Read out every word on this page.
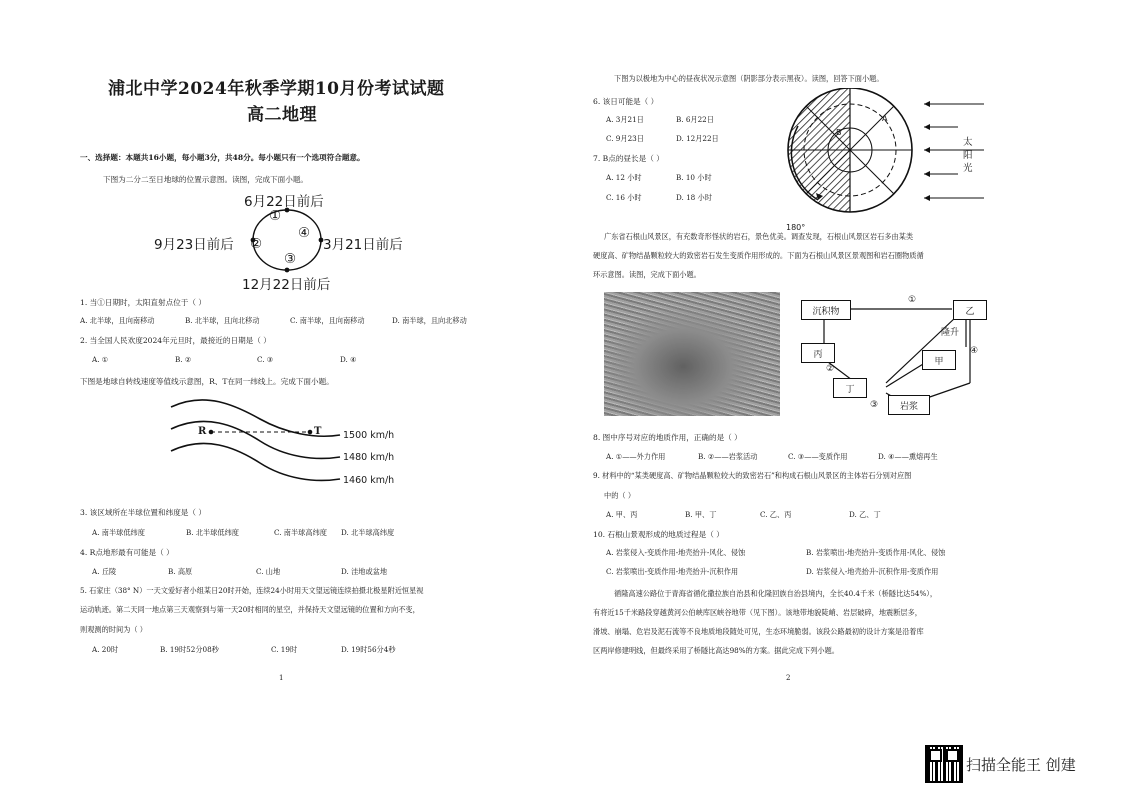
浦北中学2024年秋季学期10月份考试试题
高二地理
一、选择题：本题共16小题，每小题3分，共48分。每小题只有一个选项符合题意。
下图为二分二至日地球的位置示意图。读图，完成下面小题。
6月22日前后
9月23日前后	3月21日前后
12月22日前后
①
②
③
④
1. 当①日期时，太阳直射点位于（ ）
A. 北半球，且向南移动	B. 北半球，且向北移动	C. 南半球，且向南移动	D. 南半球，且向北移动
2. 当全国人民欢度2024年元旦时，最接近的日期是（ ）
A. ①	B. ②	C. ③	D. ④
下图是地球自转线速度等值线示意图，R、T在同一纬线上。完成下面小题。
R	T 1500 km/h
1480 km/h
1460 km/h
3. 该区域所在半球位置和纬度是（ ）
A. 南半球低纬度	B. 北半球低纬度	C. 南半球高纬度 D. 北半球高纬度
4. R点地形最有可能是（ ）
A. 丘陵	B. 高原	C. 山地	D. 洼地或盆地
5. 石家庄（38° N）一天文爱好者小组某日20时开始，连续24小时用天文望远镜连续拍摄北极星附近恒星视
运动轨迹。第二天同一地点第三天观察到与第一天20时相同的星空，并保持天文望远镜的位置和方向不变，
则观测的时间为（ ）
A. 20时	B. 19时52分08秒	C. 19时	D. 19时56分4秒
1
下图为以极地为中心的昼夜状况示意图（阴影部分表示黑夜）。读图，回答下面小题。
6. 该日可能是（ ）
A. 3月21日	B. 6月22日
C. 9月23日	D. 12月22日
7. B点的昼长是（ ）
A. 12 小时	B. 10 小时
C. 16 小时	D. 18 小时
A
B
180°
太
阳
光
广东省石根山风景区，有充数奇形怪状的岩石，景色优美。调查发现，石根山风景区岩石多由某类
硬度高、矿物结晶颗粒较大的致密岩石发生变质作用形成的。下面为石根山风景区景观图和岩石圈物质循
环示意图。读图，完成下面小题。
沉积物	乙
丙
甲
丁
岩浆
隆升
①
②
③
④
8. 图中序号对应的地质作用，正确的是（ ）
A. ①——外力作用	B. ②——岩浆活动	C. ③——变质作用	D. ④——熏熔再生
9. 材料中的“某类硬度高、矿物结晶颗粒较大的致密岩石”和构成石根山风景区的主体岩石分别对应图
中的（ ）
A. 甲、丙	B. 甲、丁	C. 乙、丙	D. 乙、丁
10. 石根山景观形成的地质过程是（ ）
A. 岩浆侵入-变质作用-地壳抬升-风化、侵蚀	B. 岩浆喷出-地壳抬升-变质作用-风化、侵蚀
C. 岩浆喷出-变质作用-地壳抬升-沉积作用	D. 岩浆侵入-地壳抬升-沉积作用-变质作用
循隆高速公路位于青海省循化撒拉族自治县和化隆回族自治县境内，全长40.4千米（桥隧比达54%），
有将近15千米路段穿越黄河公伯峡库区峡谷地带（见下图）。该地带地貌陡峭、岩层破碎，地震断层多，
滑坡、崩塌、危岩及泥石流等不良地质地段随处可见，生态环境脆弱。该段公路最初的设计方案是沿着库
区两岸修建明线，但最终采用了桥隧比高达98%的方案。据此完成下列小题。
2
扫描全能王 创建
